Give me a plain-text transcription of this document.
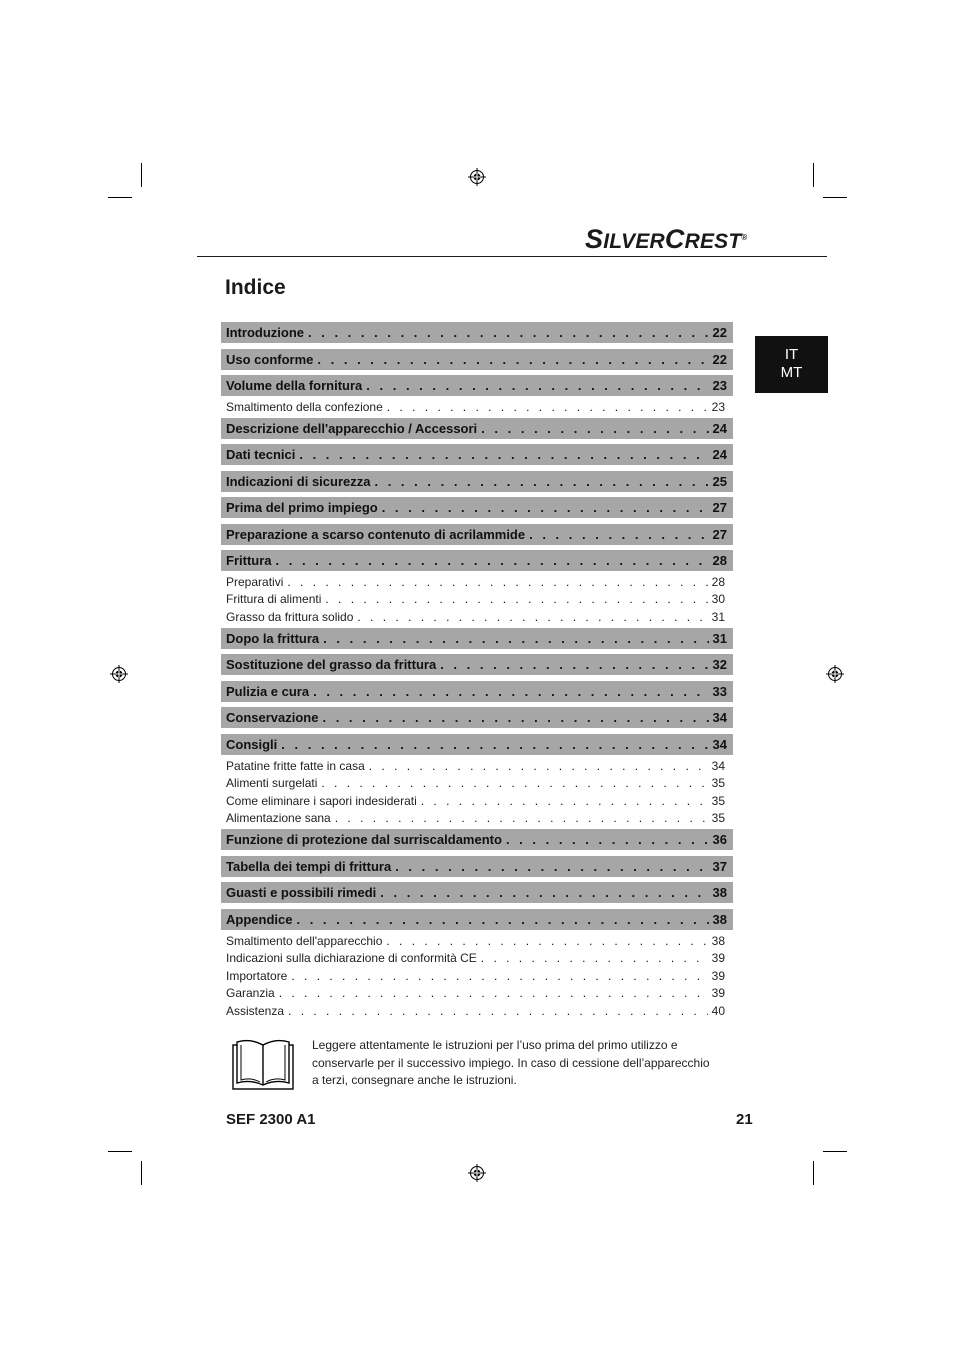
SILVERCREST®
Indice
IT
MT
Introduzione . . .	22
Uso conforme . . .	22
Volume della fornitura . . .	23
Smaltimento della confezione . . .	23
Descrizione dell'apparecchio / Accessori . . .	24
Dati tecnici . . .	24
Indicazioni di sicurezza . . .	25
Prima del primo impiego . . .	27
Preparazione a scarso contenuto di acrilammide . . .	27
Frittura . . .	28
Preparativi . . .	28
Frittura di alimenti . . .	30
Grasso da frittura solido . . .	31
Dopo la frittura . . .	31
Sostituzione del grasso da frittura . . .	32
Pulizia e cura . . .	33
Conservazione . . .	34
Consigli . . .	34
Patatine fritte fatte in casa . . .	34
Alimenti surgelati . . .	35
Come eliminare i sapori indesiderati . . .	35
Alimentazione sana . . .	35
Funzione di protezione dal surriscaldamento . . .	36
Tabella dei tempi di frittura . . .	37
Guasti e possibili rimedi . . .	38
Appendice . . .	38
Smaltimento dell'apparecchio . . .	38
Indicazioni sulla dichiarazione di conformità CE . . .	39
Importatore . . .	39
Garanzia . . .	39
Assistenza . . .	40

Leggere attentamente le istruzioni per l’uso prima del primo utilizzo e
conservarle per il successivo impiego. In caso di cessione dell’apparecchio
a terzi, consegnare anche le istruzioni.

SEF 2300 A1	21
